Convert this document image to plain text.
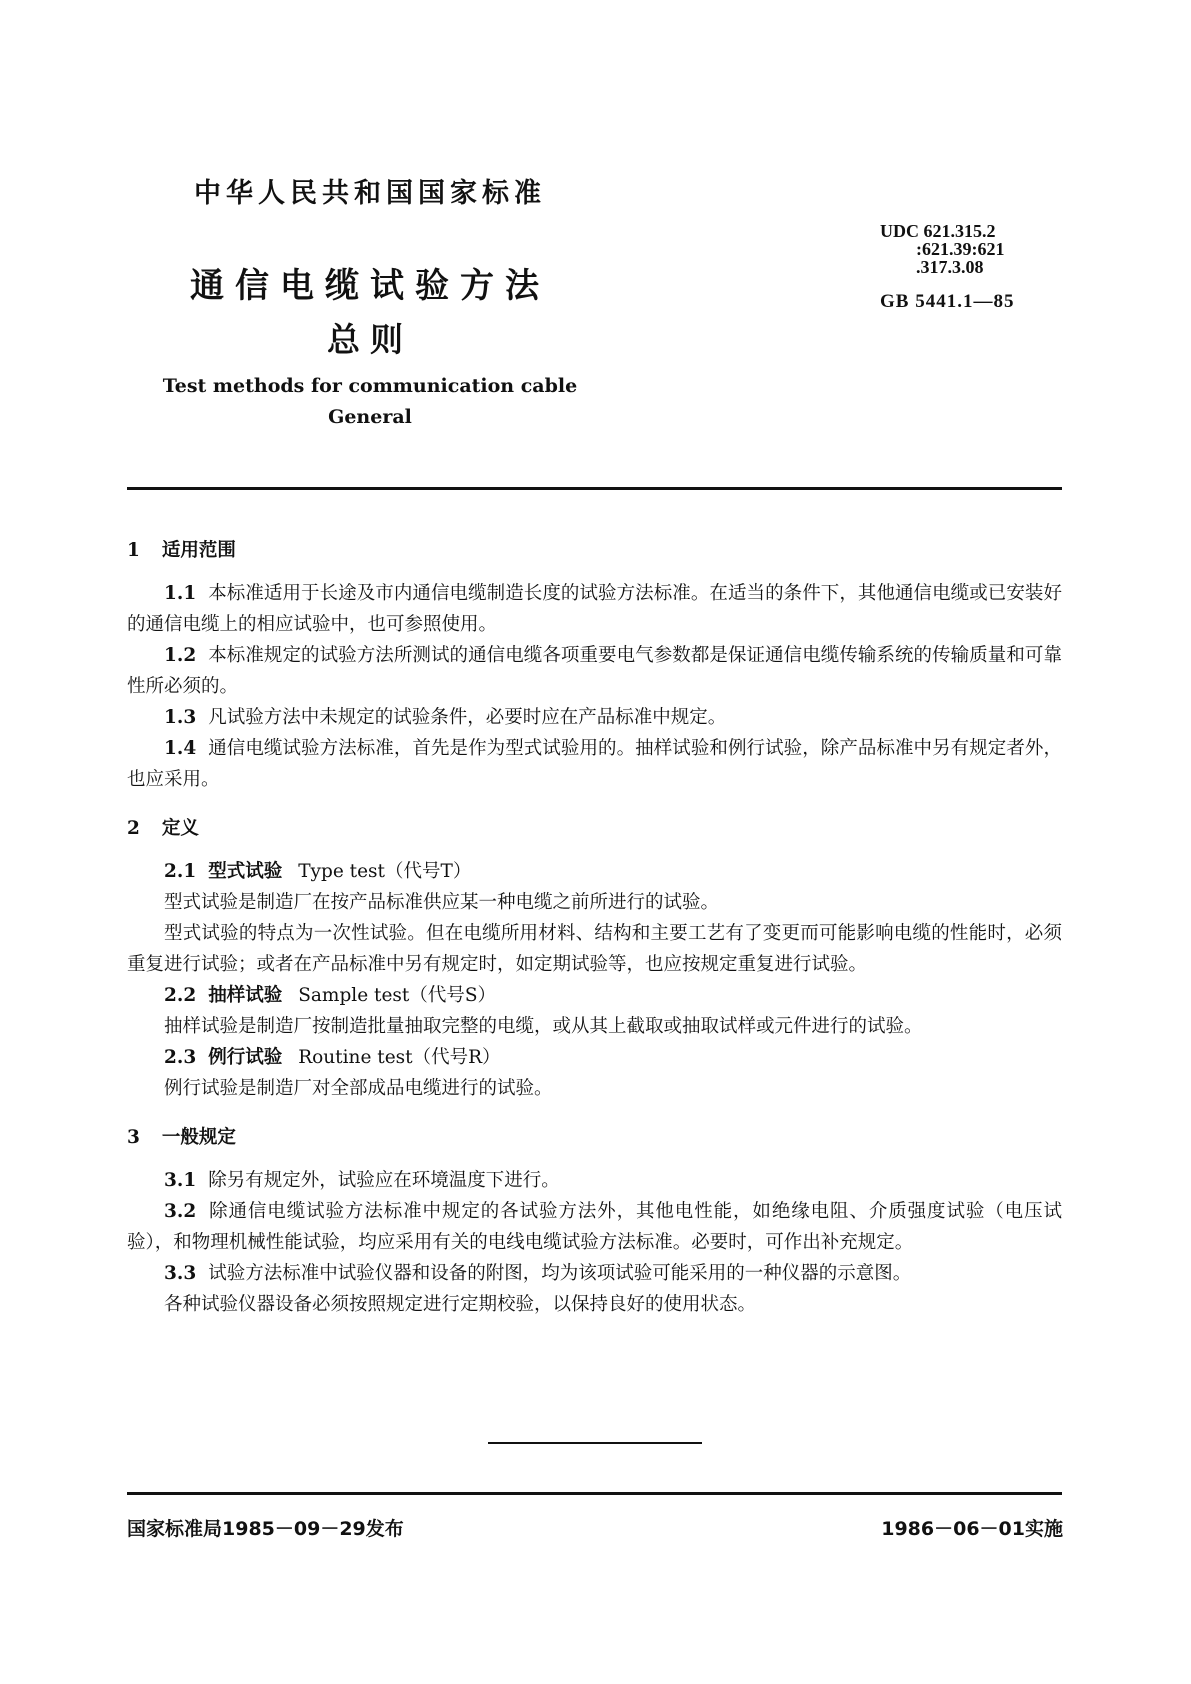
中华人民共和国国家标准
通信电缆试验方法
总则
Test methods for communication cable
General
UDC 621.315.2
:621.39:621
.317.3.08
GB 5441.1—85

1 适用范围

1.1 本标准适用于长途及市内通信电缆制造长度的试验方法标准。在适当的条件下，其他通信电缆或已安装好的通信电缆上的相应试验中，也可参照使用。

1.2 本标准规定的试验方法所测试的通信电缆各项重要电气参数都是保证通信电缆传输系统的传输质量和可靠性所必须的。

1.3 凡试验方法中未规定的试验条件，必要时应在产品标准中规定。

1.4 通信电缆试验方法标准，首先是作为型式试验用的。抽样试验和例行试验，除产品标准中另有规定者外，也应采用。

2 定义

2.1 型式试验 Type test（代号T）

型式试验是制造厂在按产品标准供应某一种电缆之前所进行的试验。

型式试验的特点为一次性试验。但在电缆所用材料、结构和主要工艺有了变更而可能影响电缆的性能时，必须重复进行试验；或者在产品标准中另有规定时，如定期试验等，也应按规定重复进行试验。

2.2 抽样试验 Sample test（代号S）

抽样试验是制造厂按制造批量抽取完整的电缆，或从其上截取或抽取试样或元件进行的试验。

2.3 例行试验 Routine test（代号R）

例行试验是制造厂对全部成品电缆进行的试验。

3 一般规定

3.1 除另有规定外，试验应在环境温度下进行。

3.2 除通信电缆试验方法标准中规定的各试验方法外，其他电性能，如绝缘电阻、介质强度试验（电压试验），和物理机械性能试验，均应采用有关的电线电缆试验方法标准。必要时，可作出补充规定。

3.3 试验方法标准中试验仪器和设备的附图，均为该项试验可能采用的一种仪器的示意图。

各种试验仪器设备必须按照规定进行定期校验，以保持良好的使用状态。

国家标准局1985－09－29发布	1986－06－01实施
